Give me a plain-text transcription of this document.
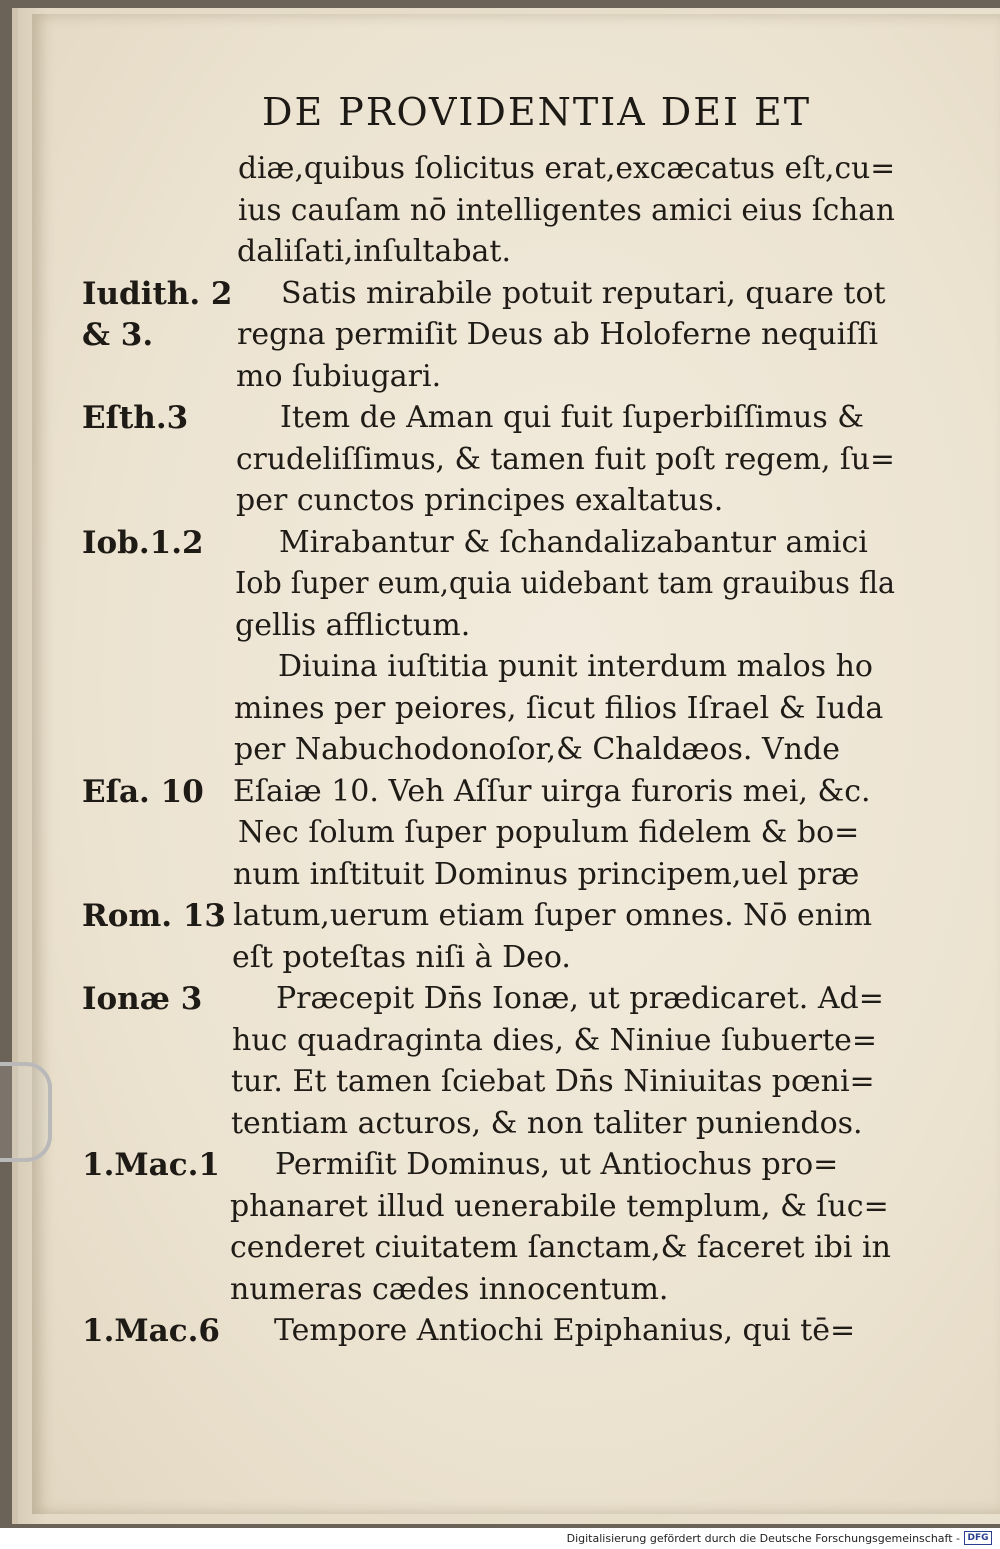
DE PROVIDENTIA DEI ET
diæ,quibus ſolicitus erat,excæcatus eſt,cu=
ius cauſam nō intelligentes amici eius ſchan
daliſati,inſultabat.
Iudith. 2 Satis mirabile potuit reputari, quare tot
& 3.	regna permiſit Deus ab Holoferne nequiſſi
mo ſubiugari.
Eſth.3	Item de Aman qui fuit ſuperbiſſimus &
crudeliſſimus, & tamen fuit poſt regem, ſu=
per cunctos principes exaltatus.
Iob.1.2	Mirabantur & ſchandalizabantur amici
Iob ſuper eum,quia uidebant tam grauibus fla
gellis afflictum.
Diuina iuſtitia punit interdum malos ho
mines per peiores, ſicut filios Iſrael & Iuda
per Nabuchodonoſor,& Chaldæos. Vnde
Eſa. 10 Eſaiæ 10. Veh Aſſur uirga furoris mei, &c.
Nec ſolum ſuper populum fidelem & bo=
num inſtituit Dominus principem,uel præ
Rom. 13 latum,uerum etiam ſuper omnes. Nō enim
eſt poteſtas niſi à Deo.
Ionæ 3 Præcepit Dn̄s Ionæ, ut prædicaret. Ad=
huc quadraginta dies, & Niniue ſubuerte=
tur. Et tamen ſciebat Dn̄s Niniuitas pœni=
tentiam acturos, & non taliter puniendos.
1.Mac.1 Permiſit Dominus, ut Antiochus pro=
phanaret illud uenerabile templum, & ſuc=
cenderet ciuitatem ſanctam,& faceret ibi in
numeras cædes innocentum.
1.Mac.6 Tempore Antiochi Epiphanius, qui tē=
Digitalisierung gefördert durch die Deutsche Forschungsgemeinschaft - DFG
